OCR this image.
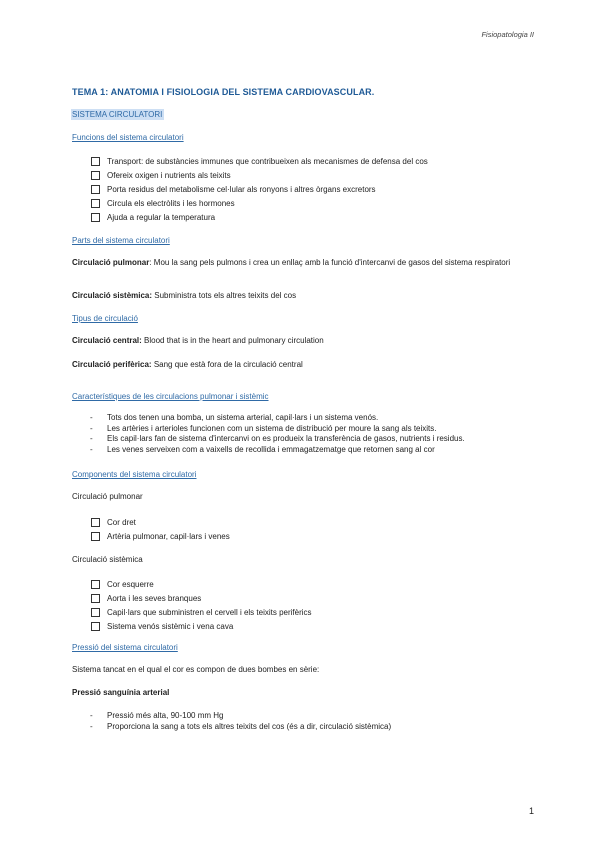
Fisiopatologia II
TEMA 1: ANATOMIA I FISIOLOGIA DEL SISTEMA CARDIOVASCULAR.
SISTEMA CIRCULATORI
Funcions del sistema circulatori
Transport: de substàncies immunes que contribueixen als mecanismes de defensa del cos
Ofereix oxigen i nutrients als teixits
Porta residus del metabolisme cel·lular als ronyons i altres òrgans excretors
Circula els electròlits i les hormones
Ajuda a regular la temperatura
Parts del sistema circulatori
Circulació pulmonar: Mou la sang pels pulmons i crea un enllaç amb la funció d'intercanvi de gasos del sistema respiratori
Circulació sistèmica: Subministra tots els altres teixits del cos
Tipus de circulació
Circulació central: Blood that is in the heart and pulmonary circulation
Circulació perifèrica: Sang que està fora de la circulació central
Característiques de les circulacions pulmonar i sistèmic
-	Tots dos tenen una bomba, un sistema arterial, capil·lars i un sistema venós.
-	Les artèries i arterioles funcionen com un sistema de distribució per moure la sang als teixits.
-	Els capil·lars fan de sistema d'intercanvi on es produeix la transferència de gasos, nutrients i residus.
-	Les venes serveixen com a vaixells de recollida i emmagatzematge que retornen sang al cor
Components del sistema circulatori
Circulació pulmonar
Cor dret
Artèria pulmonar, capil·lars i venes
Circulació sistèmica
Cor esquerre
Aorta i les seves branques
Capil·lars que subministren el cervell i els teixits perifèrics
Sistema venós sistèmic i vena cava
Pressió del sistema circulatori
Sistema tancat en el qual el cor es compon de dues bombes en sèrie:
Pressió sanguínia arterial
-	Pressió més alta, 90-100 mm Hg
-	Proporciona la sang a tots els altres teixits del cos (és a dir, circulació sistèmica)
1
